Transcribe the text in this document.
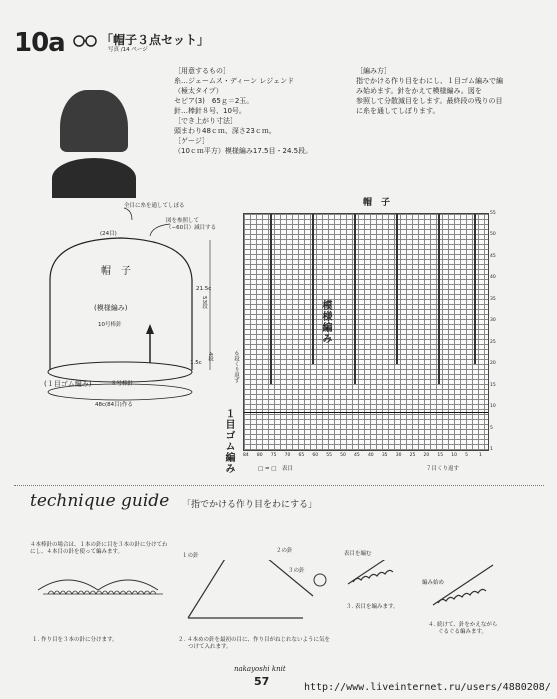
10a	「帽子３点セット」
写真 /14 ページ
［用意するもの］
糸…ジェームス・ディーン レジェンド
（極太タイプ）
セピア(3)　65ｇ＝2玉。
針…棒針８号、10号。
［でき上がり寸法］
頭まわり48ｃｍ、深さ23ｃｍ。
［ゲージ］
（10ｃｍ平方）模様編み17.5目・24.5段。
［編み方］
指でかける作り目をわにし、１目ゴム編みで編
み始めます。針をかえて模様編み。図を
参照して分散減目をします。最終段の残りの目
に糸を通してしぼります。
全目に糸を通してしぼる
図を参照して
（−60目）減目する
(24目)
帽　子
(模様編み)
10号棒針
21.5c
53段
1.5c
4段
(１目ゴム編み)	８号棒針
48c(84目)作る
帽　子
模様編み
１目ゴム編み
６段くり返す
□ = □　表目	７目くり返す
55
50
45
40
35
30
25
20
15
10
5
1
84 80 75 70 65 60 55 50 45 40 35 30 25 20 15 10 5 1
technique guide 「指でかける作り目をわにする」
４本棒針の場合は、１本の針に目を３本の針に分けてわ
にし、４本目の針を使って編みます。
１の針
２の針
３の針
表目を編む
編み始め
１. 作り目を３本の針に分けます。	２. ４本めの針を最初の目に、作り目がねじれないように気を
つけて入れます。
３. 表目を編みます。
４. 続けて、針をかえながら
ぐるぐる編みます。
nakayoshi knit
57	http://www.liveinternet.ru/users/4880208/
